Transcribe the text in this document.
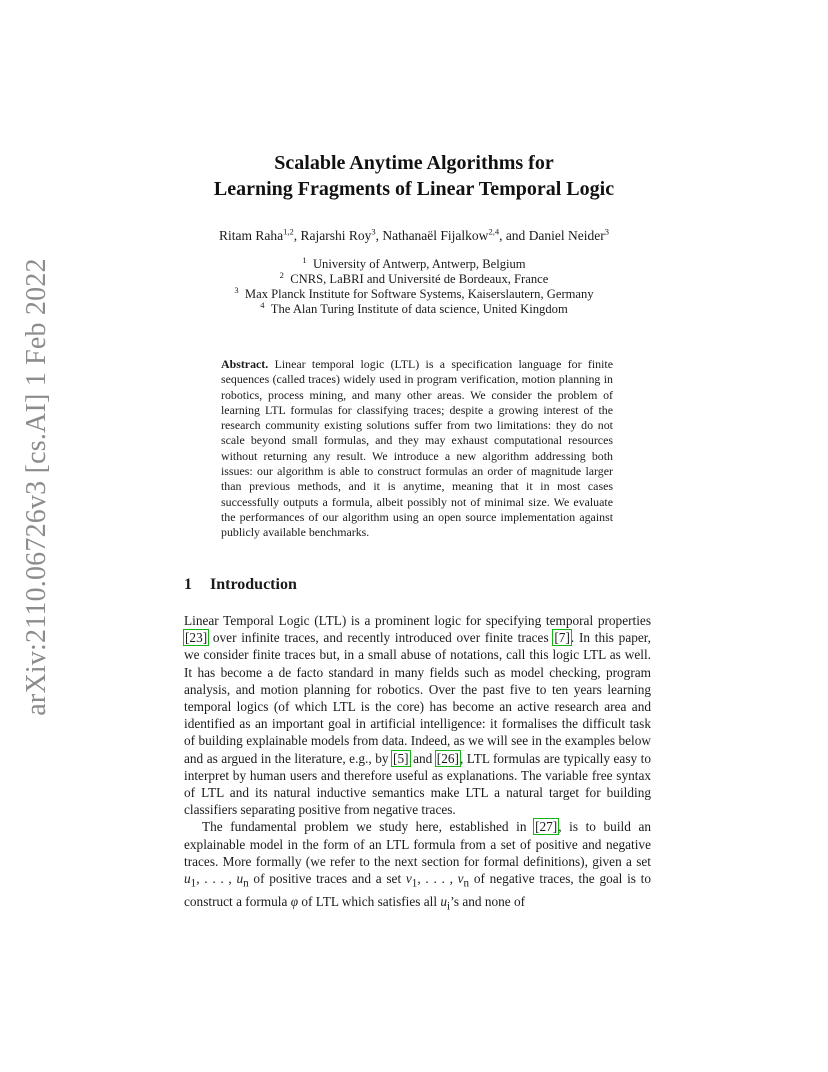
arXiv:2110.06726v3 [cs.AI] 1 Feb 2022
Scalable Anytime Algorithms for
Learning Fragments of Linear Temporal Logic
Ritam Raha$^{1,2}$, Rajarshi Roy$^3$, Nathanaël Fijalkow$^{2,4}$, and Daniel Neider$^3$
$^1$ University of Antwerp, Antwerp, Belgium
$^2$ CNRS, LaBRI and Université de Bordeaux, France
$^3$ Max Planck Institute for Software Systems, Kaiserslautern, Germany
$^4$ The Alan Turing Institute of data science, United Kingdom
Abstract. Linear temporal logic (LTL) is a specification language for finite sequences (called traces) widely used in program verification, motion planning in robotics, process mining, and many other areas. We consider the problem of learning LTL formulas for classifying traces; despite a growing interest of the research community existing solutions suffer from two limitations: they do not scale beyond small formulas, and they may exhaust computational resources without returning any result. We introduce a new algorithm addressing both issues: our algorithm is able to construct formulas an order of magnitude larger than previous methods, and it is anytime, meaning that it in most cases successfully outputs a formula, albeit possibly not of minimal size. We evaluate the performances of our algorithm using an open source implementation against publicly available benchmarks.
1 Introduction

Linear Temporal Logic (LTL) is a prominent logic for specifying temporal properties [23] over infinite traces, and recently introduced over finite traces [7]. In this paper, we consider finite traces but, in a small abuse of notations, call this logic LTL as well. It has become a de facto standard in many fields such as model checking, program analysis, and motion planning for robotics. Over the past five to ten years learning temporal logics (of which LTL is the core) has become an active research area and identified as an important goal in artificial intelligence: it formalises the difficult task of building explainable models from data. Indeed, as we will see in the examples below and as argued in the literature, e.g., by [5] and [26], LTL formulas are typically easy to interpret by human users and therefore useful as explanations. The variable free syntax of LTL and its natural inductive semantics make LTL a natural target for building classifiers separating positive from negative traces.

The fundamental problem we study here, established in [27], is to build an explainable model in the form of an LTL formula from a set of positive and negative traces. More formally (we refer to the next section for formal definitions), given a set $u_1$, . . . , $u_n$ of positive traces and a set $v_1$, . . . , $v_n$ of negative traces, the goal is to construct a formula φ of LTL which satisfies all $u_i’s$ and none of
